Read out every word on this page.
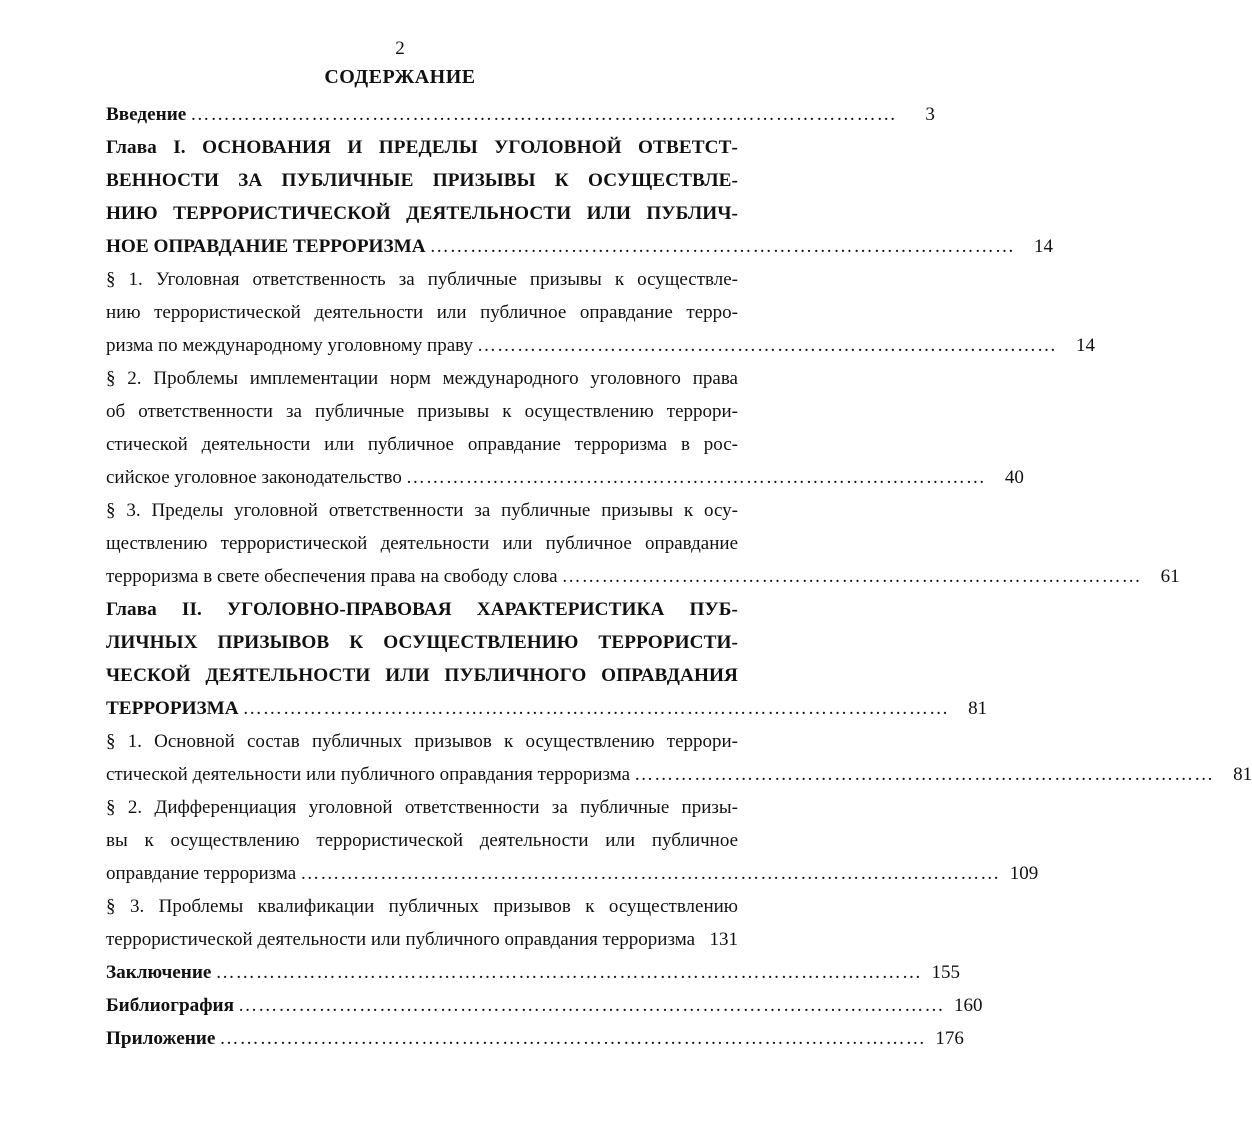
2
СОДЕРЖАНИЕ
Введение ……………………………………………………………………………………………	3
Глава I. ОСНОВАНИЯ И ПРЕДЕЛЫ УГОЛОВНОЙ ОТВЕТСТ-
ВЕННОСТИ ЗА ПУБЛИЧНЫЕ ПРИЗЫВЫ К ОСУЩЕСТВЛЕ-
НИЮ ТЕРРОРИСТИЧЕСКОЙ ДЕЯТЕЛЬНОСТИ ИЛИ ПУБЛИЧ-
НОЕ ОПРАВДАНИЕ ТЕРРОРИЗМА ……………………………………………………………………………	14
§ 1. Уголовная ответственность за публичные призывы к осуществле-
нию террористической деятельности или публичное оправдание терро-
ризма по международному уголовному праву ……………………………………………………………………………	14
§ 2. Проблемы имплементации норм международного уголовного права
об ответственности за публичные призывы к осуществлению террори-
стической деятельности или публичное оправдание терроризма в рос-
сийское уголовное законодательство ……………………………………………………………………………	40
§ 3. Пределы уголовной ответственности за публичные призывы к осу-
ществлению террористической деятельности или публичное оправдание
терроризма в свете обеспечения права на свободу слова ……………………………………………………………………………	61
Глава II. УГОЛОВНО-ПРАВОВАЯ ХАРАКТЕРИСТИКА ПУБ-
ЛИЧНЫХ ПРИЗЫВОВ К ОСУЩЕСТВЛЕНИЮ ТЕРРОРИСТИ-
ЧЕСКОЙ ДЕЯТЕЛЬНОСТИ ИЛИ ПУБЛИЧНОГО ОПРАВДАНИЯ
ТЕРРОРИЗМА ……………………………………………………………………………………………	81
§ 1. Основной состав публичных призывов к осуществлению террори-
стической деятельности или публичного оправдания терроризма ……………………………………………………………………………	81
§ 2. Дифференциация уголовной ответственности за публичные призы-
вы к осуществлению террористической деятельности или публичное
оправдание терроризма …………………………………………………………………………………………… 109
§ 3. Проблемы квалификации публичных призывов к осуществлению
террористической деятельности или публичного оправдания терроризма 131
Заключение …………………………………………………………………………………………… 155
Библиография …………………………………………………………………………………………… 160
Приложение …………………………………………………………………………………………… 176
